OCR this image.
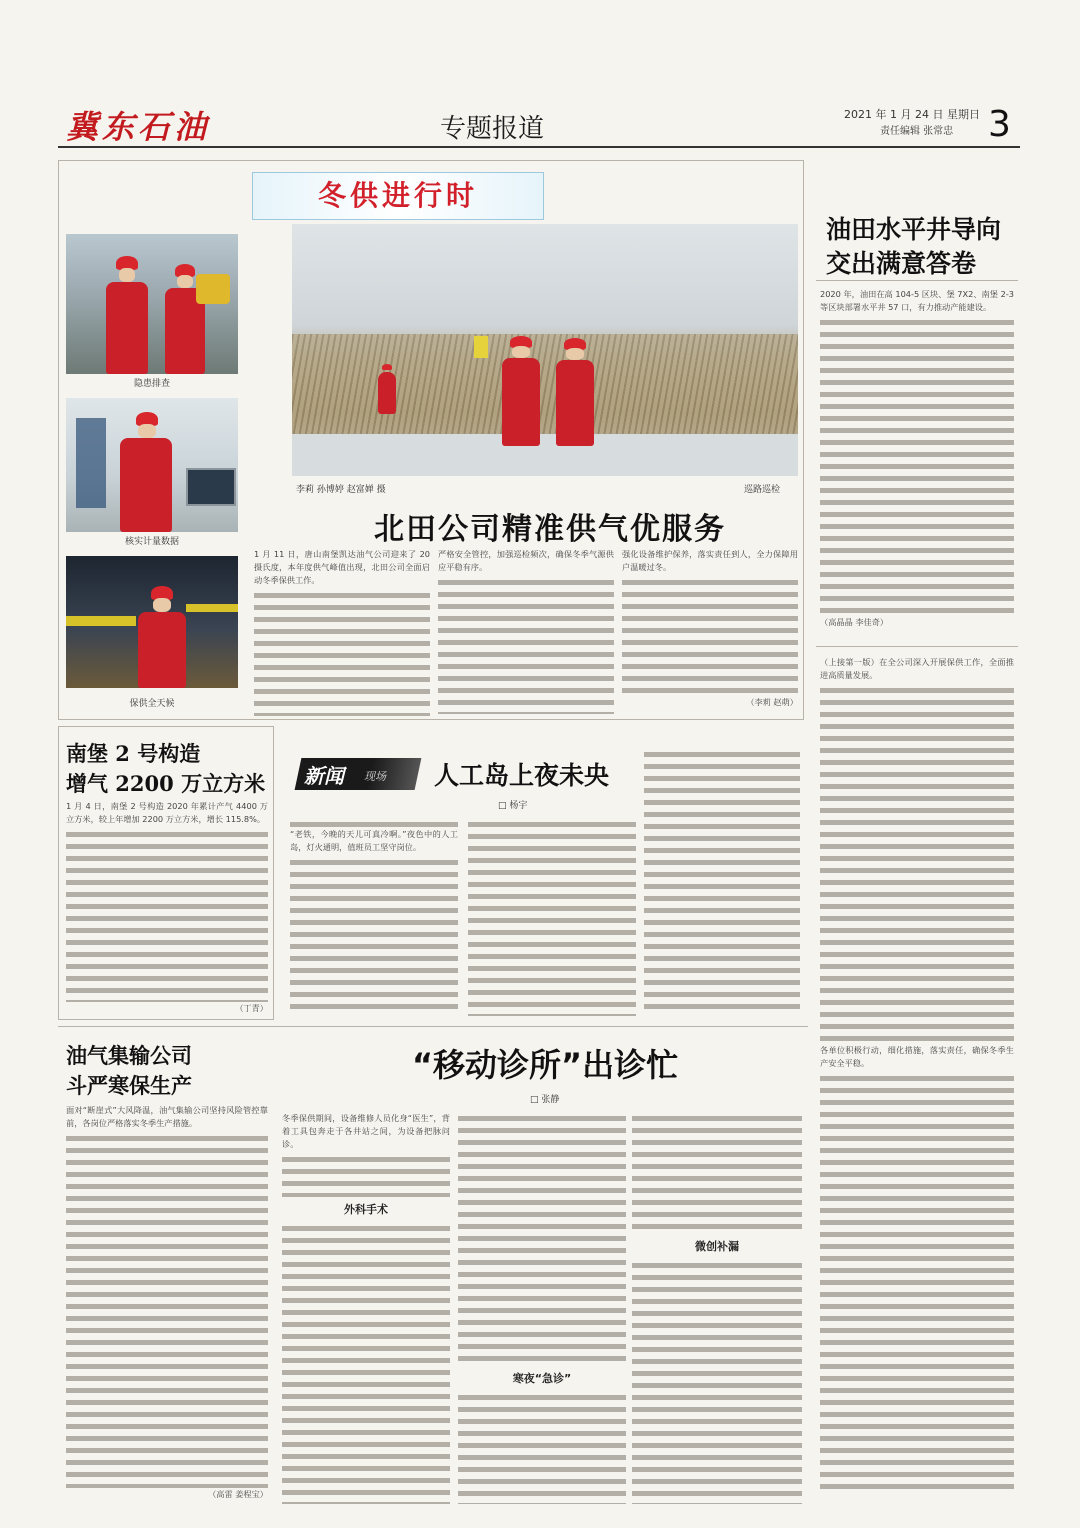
冀东石油	专题报道	2021 年 1 月 24 日 星期日
责任编辑 张常忠 3
冬供进行时
隐患排查
核实计量数据
保供全天候
李莉 孙博婷 赵富婵 摄	巡路巡检
北田公司精准供气优服务
1 月 11 日，唐山南堡凯达油气公司迎来了 20 摄氏度，本年度供气峰值出现，北田公司全面启动冬季保供工作。
严格安全管控，加强巡检频次，确保冬季气源供应平稳有序。
强化设备维护保养，落实责任到人，全力保障用户温暖过冬。
（李莉 赵萌）
油田水平井导向
交出满意答卷
2020 年，油田在高 104-5 区块、堡 7X2、南堡 2-3 等区块部署水平井 57 口，有力推动产能建设。
（高晶晶 李佳奇）
（上接第一版）在全公司深入开展保供工作，全面推进高质量发展。
各单位积极行动，细化措施，落实责任，确保冬季生产安全平稳。
南堡 2 号构造
增气 2200 万立方米
1 月 4 日，南堡 2 号构造 2020 年累计产气 4400 万立方米，较上年增加 2200 万立方米，增长 115.8%。
（丁青）
新闻 现场 人工岛上夜未央
□ 杨宇
“老铁，今晚的天儿可真冷啊。”夜色中的人工岛，灯火通明，值班员工坚守岗位。
油气集输公司
斗严寒保生产
面对“断崖式”大风降温，油气集输公司坚持风险管控靠前，各岗位严格落实冬季生产措施。
（高雷 姜程宝）
“移动诊所”出诊忙
□ 张静
冬季保供期间，设备维修人员化身“医生”，背着工具包奔走于各井站之间，为设备把脉问诊。
外科手术
寒夜“急诊”
微创补漏
